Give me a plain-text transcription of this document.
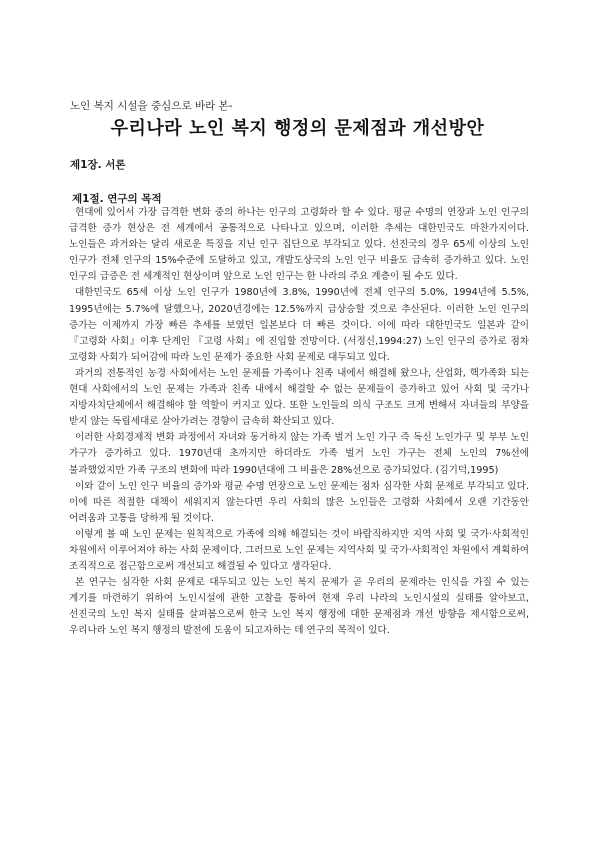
노인 복지 시설을 중심으로 바라 본-
우리나라 노인 복지 행정의 문제점과 개선방안
제1장. 서론
제1절. 연구의 목적

현대에 있어서 가장 급격한 변화 중의 하나는 인구의 고령화라 할 수 있다. 평균 수명의 연장과 노인 인구의 급격한 증가 현상은 전 세계에서 공통적으로 나타나고 있으며, 이러한 추세는 대한민국도 마찬가지이다. 노인들은 과거와는 달리 새로운 특징을 지닌 인구 집단으로 부각되고 있다. 선진국의 경우 65세 이상의 노인 인구가 전체 인구의 15%수준에 도달하고 있고, 개발도상국의 노인 인구 비율도 급속히 증가하고 있다. 노인 인구의 급증은 전 세계적인 현상이며 앞으로 노인 인구는 한 나라의 주요 계층이 될 수도 있다.

대한민국도 65세 이상 노인 인구가 1980년에 3.8%, 1990년에 전체 인구의 5.0%, 1994년에 5.5%, 1995년에는 5.7%에 달했으나, 2020년경에는 12.5%까지 급상승할 것으로 추산된다. 이러한 노인 인구의 증가는 이제까지 가장 빠른 추세를 보였던 일본보다 더 빠른 것이다. 이에 따라 대한민국도 일본과 같이 『고령화 사회』이후 단계인 『고령 사회』에 진입할 전망이다. (서정신,1994:27) 노인 인구의 증가로 점차 고령화 사회가 되어감에 따라 노인 문제가 중요한 사회 문제로 대두되고 있다.

과거의 전통적인 농경 사회에서는 노인 문제를 가족이나 친족 내에서 해결해 왔으나, 산업화, 핵가족화 되는 현대 사회에서의 노인 문제는 가족과 친족 내에서 해결할 수 없는 문제들이 증가하고 있어 사회 및 국가나 지방자치단체에서 해결해야 할 역할이 커지고 있다. 또한 노인들의 의식 구조도 크게 변해서 자녀들의 부양을 받지 않는 독립세대로 살아가려는 경향이 급속히 확산되고 있다.

이러한 사회경제적 변화 과정에서 자녀와 동거하지 않는 가족 벌거 노인 가구 즉 독신 노인가구 및 부부 노인 가구가 증가하고 있다. 1970년대 초까지만 하더라도 가족 벌거 노인 가구는 전체 노인의 7%선에 불과했었지만 가족 구조의 변화에 따라 1990년대에 그 비율은 28%선으로 증가되었다. (김기덕,1995)

이와 같이 노인 인구 비율의 증가와 평균 수명 연장으로 노인 문제는 점차 심각한 사회 문제로 부각되고 있다. 이에 따른 적절한 대책이 세워지지 않는다면 우리 사회의 많은 노인들은 고령화 사회에서 오랜 기간동안 어려움과 고통을 당하게 될 것이다.

이렇게 볼 때 노인 문제는 원칙적으로 가족에 의해 해결되는 것이 바람직하지만 지역 사회 및 국가·사회적인 차원에서 이루어져야 하는 사회 문제이다. 그러므로 노인 문제는 지역사회 및 국가·사회적인 차원에서 계획하여 조직적으로 접근함으로써 개선되고 해결될 수 있다고 생각된다.

본 연구는 심각한 사회 문제로 대두되고 있는 노인 복지 문제가 곧 우리의 문제라는 인식을 가질 수 있는 계기를 마련하기 위하여 노인시설에 관한 고찰을 통하여 현재 우리 나라의 노인시설의 실태를 알아보고, 선진국의 노인 복지 실태를 살펴봄으로써 한국 노인 복지 행정에 대한 문제점과 개선 방향을 제시함으로써, 우리나라 노인 복지 행정의 발전에 도움이 되고자하는 데 연구의 목적이 있다.
